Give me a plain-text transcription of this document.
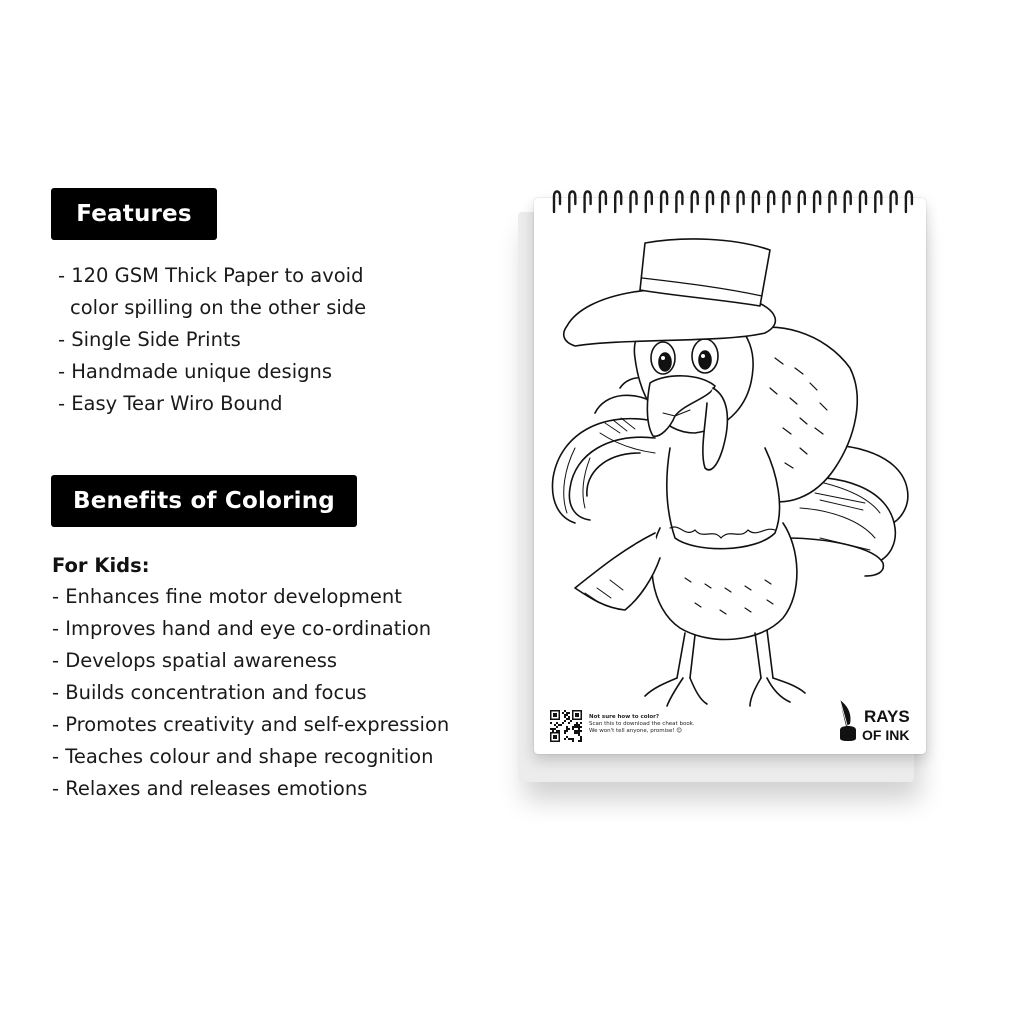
Features
- 120 GSM Thick Paper to avoid
color spilling on the other side
- Single Side Prints
- Handmade unique designs
- Easy Tear Wiro Bound
Benefits of Coloring
For Kids:
- Enhances fine motor development
- Improves hand and eye co-ordination
- Develops spatial awareness
- Builds concentration and focus
- Promotes creativity and self-expression
- Teaches colour and shape recognition
- Relaxes and releases emotions
Not sure how to color?
Scan this to download the cheat book.
We won't tell anyone, promise! 😊
RAYS
OF INK
